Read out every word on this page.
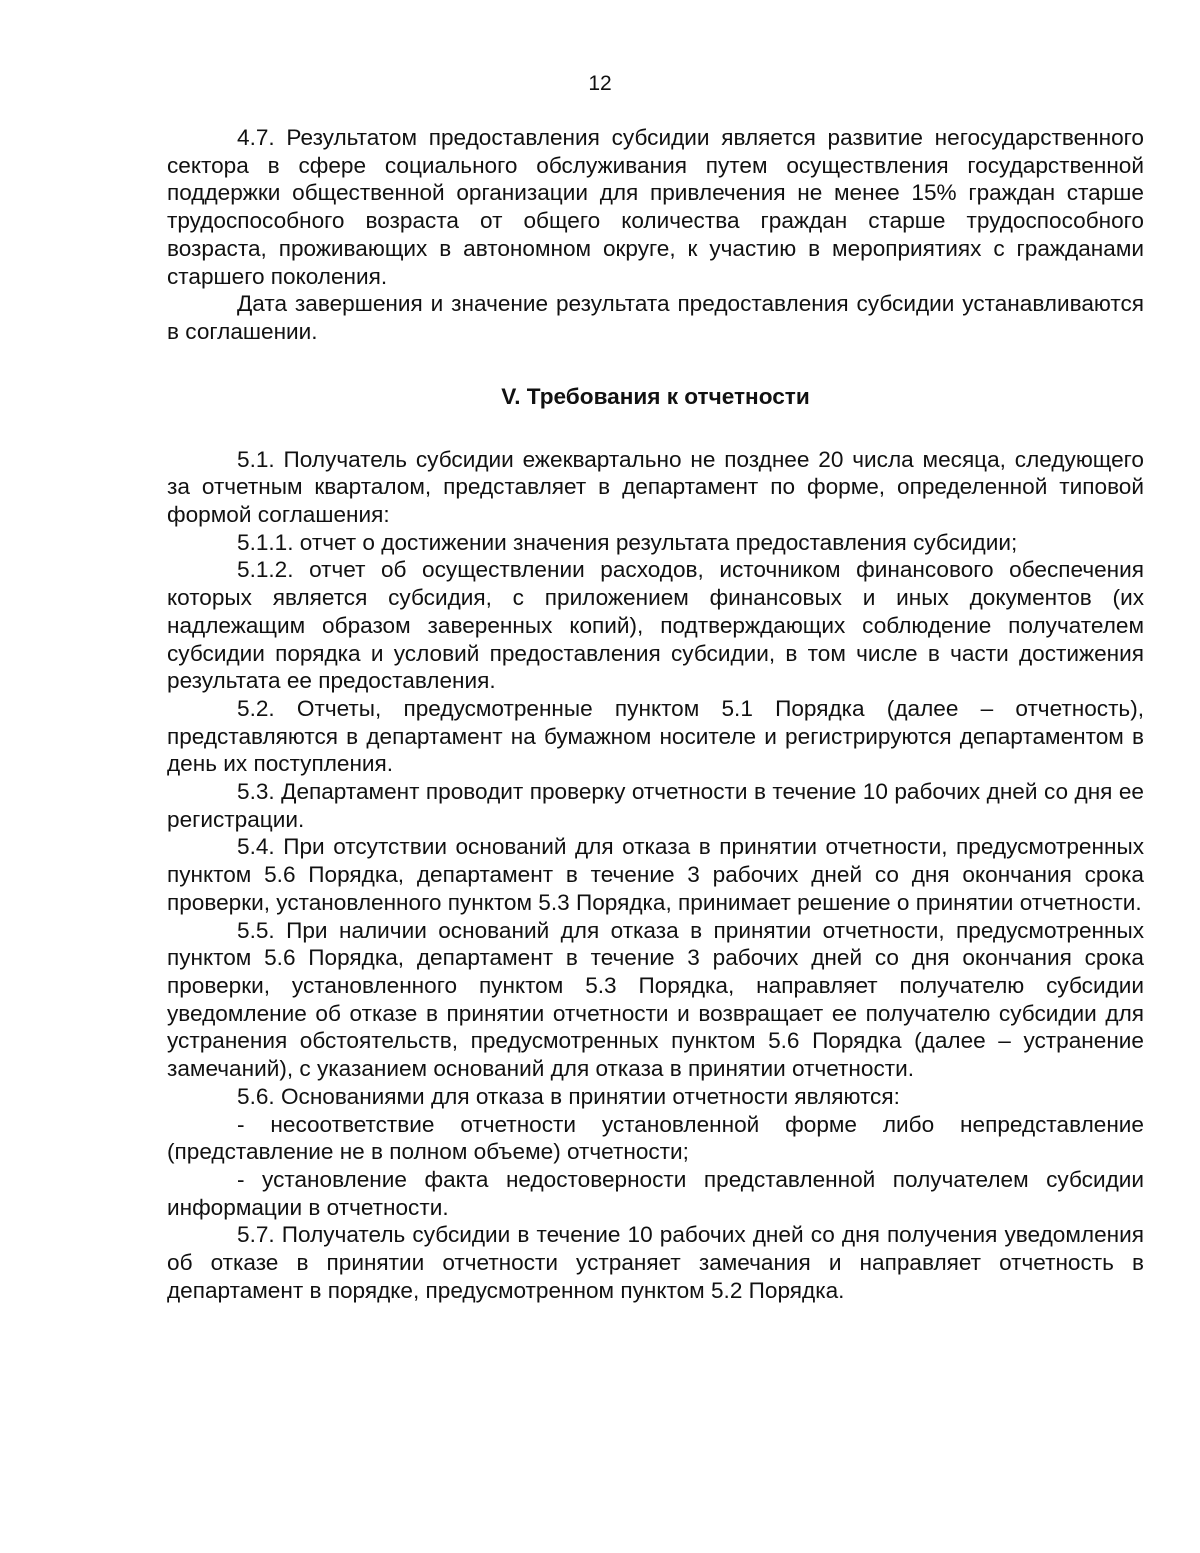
12

4.7. Результатом предоставления субсидии является развитие негосударственного сектора в сфере социального обслуживания путем осуществления государственной поддержки общественной организации для привлечения не менее 15% граждан старше трудоспособного возраста от общего количества граждан старше трудоспособного возраста, проживающих в автономном округе, к участию в мероприятиях с гражданами старшего поколения.

Дата завершения и значение результата предоставления субсидии устанавливаются в соглашении.

V. Требования к отчетности

5.1. Получатель субсидии ежеквартально не позднее 20 числа месяца, следующего за отчетным кварталом, представляет в департамент по форме, определенной типовой формой соглашения:

5.1.1. отчет о достижении значения результата предоставления субсидии;

5.1.2. отчет об осуществлении расходов, источником финансового обеспечения которых является субсидия, с приложением финансовых и иных документов (их надлежащим образом заверенных копий), подтверждающих соблюдение получателем субсидии порядка и условий предоставления субсидии, в том числе в части достижения результата ее предоставления.

5.2. Отчеты, предусмотренные пунктом 5.1 Порядка (далее – отчетность), представляются в департамент на бумажном носителе и регистрируются департаментом в день их поступления.

5.3. Департамент проводит проверку отчетности в течение 10 рабочих дней со дня ее регистрации.

5.4. При отсутствии оснований для отказа в принятии отчетности, предусмотренных пунктом 5.6 Порядка, департамент в течение 3 рабочих дней со дня окончания срока проверки, установленного пунктом 5.3 Порядка, принимает решение о принятии отчетности.

5.5. При наличии оснований для отказа в принятии отчетности, предусмотренных пунктом 5.6 Порядка, департамент в течение 3 рабочих дней со дня окончания срока проверки, установленного пунктом 5.3 Порядка, направляет получателю субсидии уведомление об отказе в принятии отчетности и возвращает ее получателю субсидии для устранения обстоятельств, предусмотренных пунктом 5.6 Порядка (далее – устранение замечаний), с указанием оснований для отказа в принятии отчетности.

5.6. Основаниями для отказа в принятии отчетности являются:

- несоответствие отчетности установленной форме либо непредставление (представление не в полном объеме) отчетности;

- установление факта недостоверности представленной получателем субсидии информации в отчетности.

5.7. Получатель субсидии в течение 10 рабочих дней со дня получения уведомления об отказе в принятии отчетности устраняет замечания и направляет отчетность в департамент в порядке, предусмотренном пунктом 5.2 Порядка.
